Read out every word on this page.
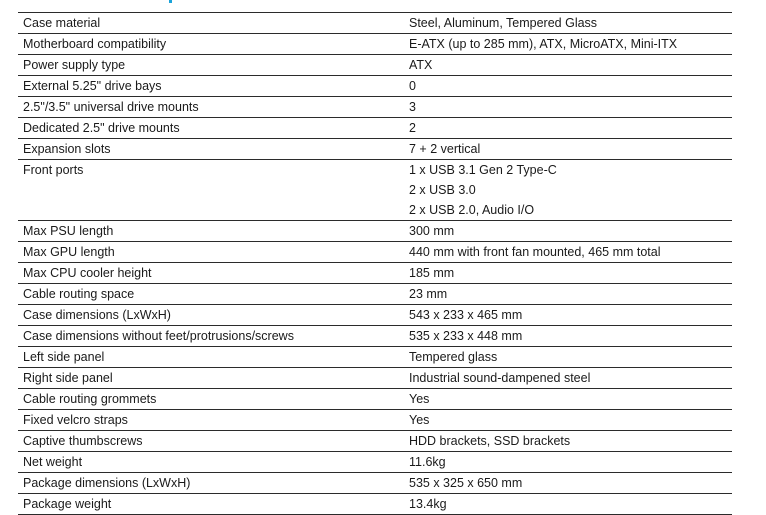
Case material	Steel, Aluminum, Tempered Glass
Motherboard compatibility	E-ATX (up to 285 mm), ATX, MicroATX, Mini-ITX
Power supply type	ATX
External 5.25" drive bays	0
2.5"/3.5" universal drive mounts	3
Dedicated 2.5" drive mounts	2
Expansion slots	7 + 2 vertical
Front ports	1 x USB 3.1 Gen 2 Type-C
2 x USB 3.0
2 x USB 2.0, Audio I/O

Max PSU length	300 mm
Max GPU length	440 mm with front fan mounted, 465 mm total
Max CPU cooler height	185 mm
Cable routing space	23 mm
Case dimensions (LxWxH)	543 x 233 x 465 mm
Case dimensions without feet/protrusions/screws	535 x 233 x 448 mm
Left side panel	Tempered glass
Right side panel	Industrial sound-dampened steel
Cable routing grommets	Yes
Fixed velcro straps	Yes
Captive thumbscrews	HDD brackets, SSD brackets
Net weight	11.6kg
Package dimensions (LxWxH)	535 x 325 x 650 mm
Package weight	13.4kg
